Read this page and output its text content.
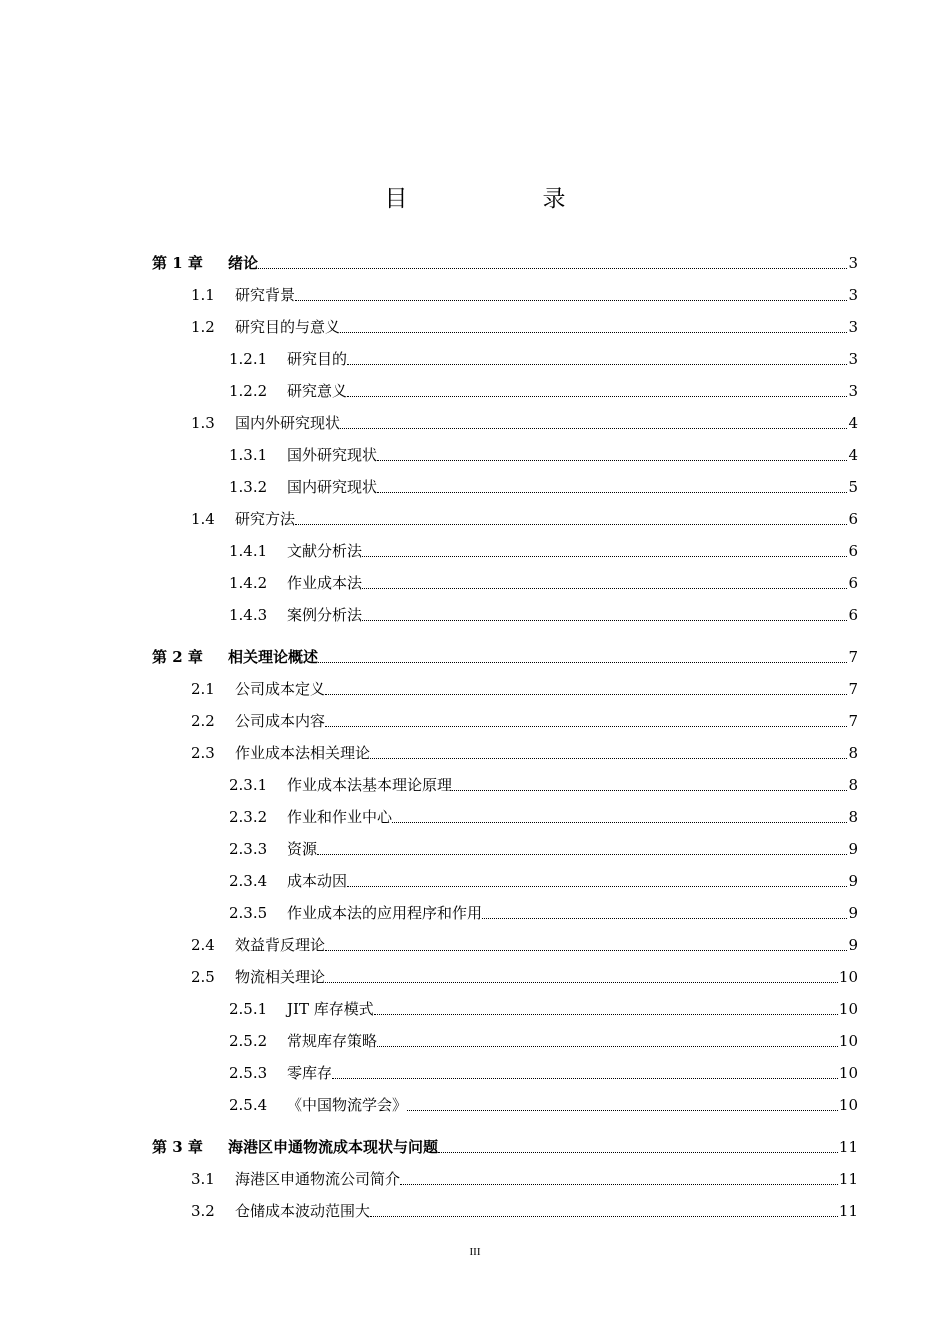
目　录
第 1 章	绪论	3
1.1	研究背景	3
1.2	研究目的与意义	3
1.2.1	研究目的	3
1.2.2	研究意义	3
1.3	国内外研究现状	4
1.3.1	国外研究现状	4
1.3.2	国内研究现状	5
1.4	研究方法	6
1.4.1	文献分析法	6
1.4.2	作业成本法	6
1.4.3	案例分析法	6
第 2 章	相关理论概述	7
2.1	公司成本定义	7
2.2	公司成本内容	7
2.3	作业成本法相关理论	8
2.3.1	作业成本法基本理论原理	8
2.3.2	作业和作业中心	8
2.3.3	资源	9
2.3.4	成本动因	9
2.3.5	作业成本法的应用程序和作用	9
2.4	效益背反理论	9
2.5	物流相关理论	10
2.5.1	JIT 库存模式	10
2.5.2	常规库存策略	10
2.5.3	零库存	10
2.5.4	《中国物流学会》	10
第 3 章	海港区申通物流成本现状与问题	11
3.1	海港区申通物流公司简介	11
3.2	仓储成本波动范围大	11
III
